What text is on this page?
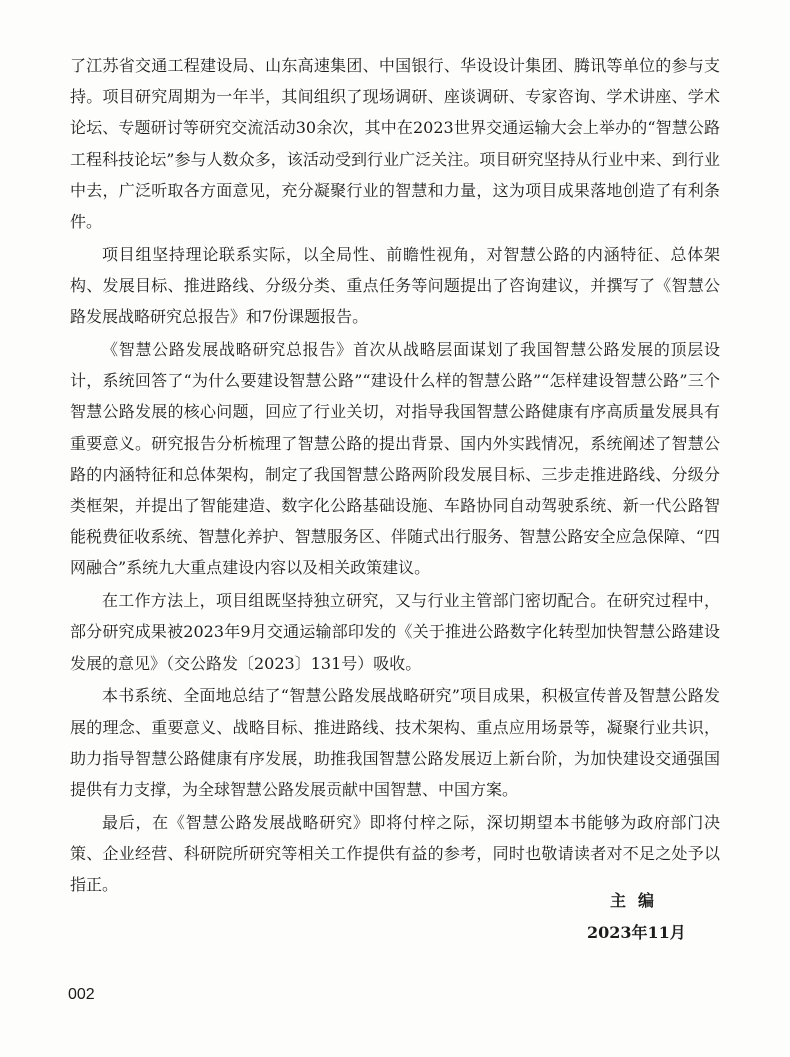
了江苏省交通工程建设局、山东高速集团、中国银行、华设设计集团、腾讯等单位的参与支持。项目研究周期为一年半，其间组织了现场调研、座谈调研、专家咨询、学术讲座、学术论坛、专题研讨等研究交流活动30余次，其中在2023世界交通运输大会上举办的“智慧公路工程科技论坛”参与人数众多，该活动受到行业广泛关注。项目研究坚持从行业中来、到行业中去，广泛听取各方面意见，充分凝聚行业的智慧和力量，这为项目成果落地创造了有利条件。

项目组坚持理论联系实际，以全局性、前瞻性视角，对智慧公路的内涵特征、总体架构、发展目标、推进路线、分级分类、重点任务等问题提出了咨询建议，并撰写了《智慧公路发展战略研究总报告》和7份课题报告。

《智慧公路发展战略研究总报告》首次从战略层面谋划了我国智慧公路发展的顶层设计，系统回答了“为什么要建设智慧公路”“建设什么样的智慧公路”“怎样建设智慧公路”三个智慧公路发展的核心问题，回应了行业关切，对指导我国智慧公路健康有序高质量发展具有重要意义。研究报告分析梳理了智慧公路的提出背景、国内外实践情况，系统阐述了智慧公路的内涵特征和总体架构，制定了我国智慧公路两阶段发展目标、三步走推进路线、分级分类框架，并提出了智能建造、数字化公路基础设施、车路协同自动驾驶系统、新一代公路智能税费征收系统、智慧化养护、智慧服务区、伴随式出行服务、智慧公路安全应急保障、“四网融合”系统九大重点建设内容以及相关政策建议。

在工作方法上，项目组既坚持独立研究，又与行业主管部门密切配合。在研究过程中，部分研究成果被2023年9月交通运输部印发的《关于推进公路数字化转型加快智慧公路建设发展的意见》（交公路发〔2023〕131号）吸收。

本书系统、全面地总结了“智慧公路发展战略研究”项目成果，积极宣传普及智慧公路发展的理念、重要意义、战略目标、推进路线、技术架构、重点应用场景等，凝聚行业共识，助力指导智慧公路健康有序发展，助推我国智慧公路发展迈上新台阶，为加快建设交通强国提供有力支撑，为全球智慧公路发展贡献中国智慧、中国方案。

最后，在《智慧公路发展战略研究》即将付梓之际，深切期望本书能够为政府部门决策、企业经营、科研院所研究等相关工作提供有益的参考，同时也敬请读者对不足之处予以指正。

主编
2023年11月
002
